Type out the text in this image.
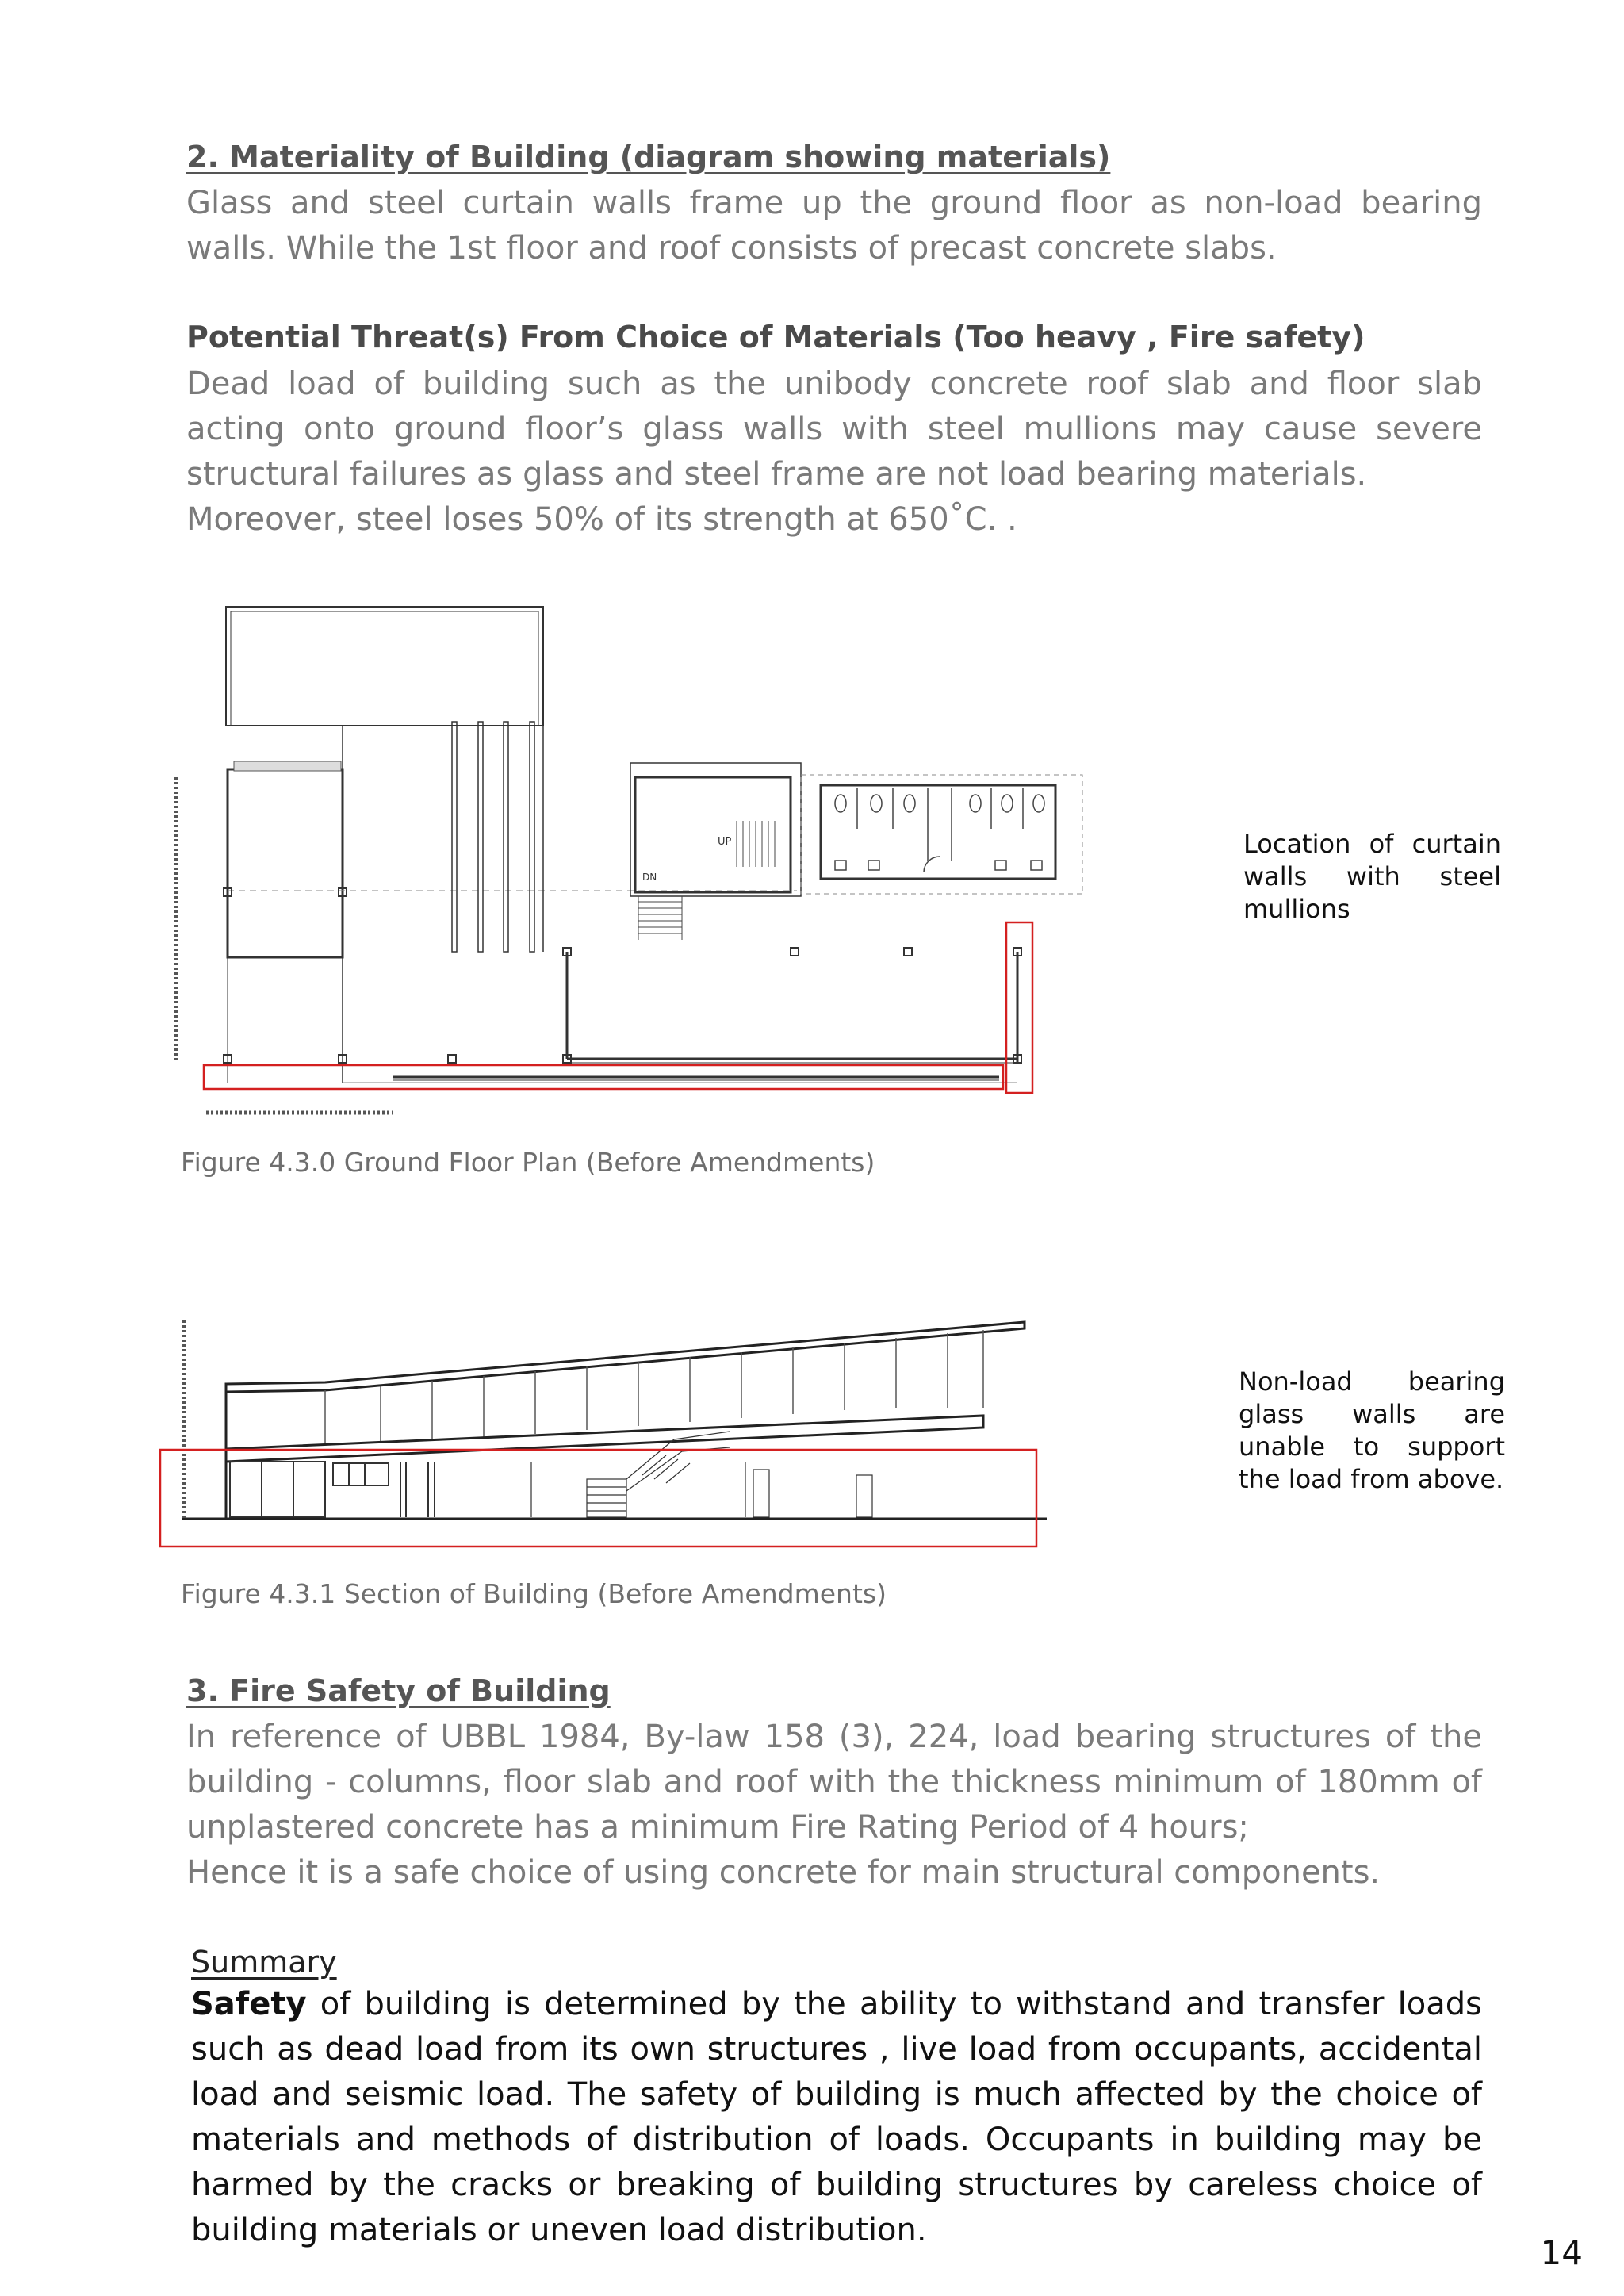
2. Materiality of Building (diagram showing materials)

Glass and steel curtain walls frame up the ground floor as non-load bearing walls. While the 1st floor and roof consists of precast concrete slabs.

Potential Threat(s) From Choice of Materials (Too heavy , Fire safety)

Dead load of building such as the unibody concrete roof slab and floor slab acting onto ground floor’s glass walls with steel mullions may cause severe structural failures as glass and steel frame are not load bearing materials.

Moreover, steel loses 50% of its strength at 650˚C. .

UP
DN
Location of curtain walls with steel mullions
Figure 4.3.0 Ground Floor Plan (Before Amendments)
Non-load bearing glass walls are unable to support the load from above.
Figure 4.3.1 Section of Building (Before Amendments)
3. Fire Safety of Building

In reference of UBBL 1984, By-law 158 (3), 224, load bearing structures of the building - columns, floor slab and roof with the thickness minimum of 180mm of unplastered concrete has a minimum Fire Rating Period of 4 hours;

Hence it is a safe choice of using concrete for main structural components.

Summary
Safety of building is determined by the ability to withstand and transfer loads such as dead load from its own structures , live load from occupants, accidental load and seismic load. The safety of building is much affected by the choice of materials and methods of distribution of loads. Occupants in building may be harmed by the cracks or breaking of building structures by careless choice of building materials or uneven load distribution.
14
